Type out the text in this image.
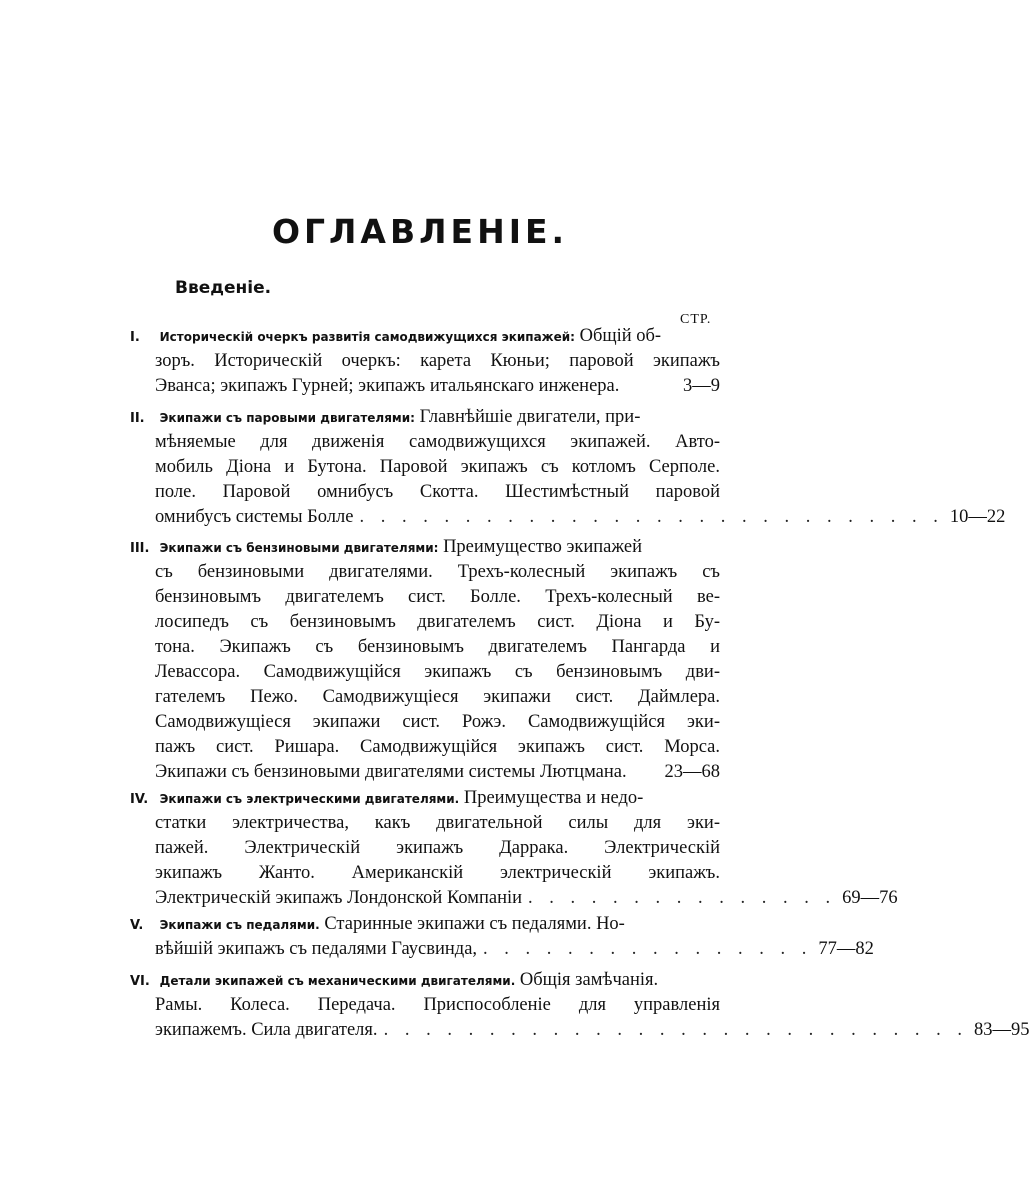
ОГЛАВЛЕНІЕ.
Введеніе.
СТР.
I. Историческій очеркъ развитія самодвижущихся экипажей: Общій об-
зоръ. Историческій очеркъ: карета Кюньи; паровой экипажъ
Эванса; экипажъ Гурней; экипажъ итальянскаго инженера.	3—9
II. Экипажи съ паровыми двигателями: Главнѣйшіе двигатели, при-
мѣняемые для движенія самодвижущихся экипажей. Авто-
мобиль Діона и Бутона. Паровой экипажъ съ котломъ Серполе.
поле. Паровой омнибусъ Скотта. Шестимѣстный паровой
омнибусъ системы Болле . . . . . . . . . . . . . . . . . . . . . . . . . . . . 10—22
III. Экипажи съ бензиновыми двигателями: Преимущество экипажей
съ бензиновыми двигателями. Трехъ-колесный экипажъ съ
бензиновымъ двигателемъ сист. Болле. Трехъ-колесный ве-
лосипедъ съ бензиновымъ двигателемъ сист. Діона и Бу-
тона. Экипажъ съ бензиновымъ двигателемъ Пангарда и
Левассора. Самодвижущійся экипажъ съ бензиновымъ дви-
гателемъ Пежо. Самодвижущіеся экипажи сист. Даймлера.
Самодвижущіеся экипажи сист. Рожэ. Самодвижущійся эки-
пажъ сист. Ришара. Самодвижущійся экипажъ сист. Морса.
Экипажи съ бензиновыми двигателями системы Лютцмана. 23—68
IV. Экипажи съ электрическими двигателями. Преимущества и недо-
статки электричества, какъ двигательной силы для эки-
пажей. Электрическій экипажъ Даррака. Электрическій
экипажъ Жанто. Американскій электрическій экипажъ.
Электрическій экипажъ Лондонской Компаніи . . . . . . . . . . . . . . . 69—76
V. Экипажи съ педалями. Старинные экипажи съ педалями. Но-
вѣйшій экипажъ съ педалями Гаусвинда, . . . . . . . . . . . . . . . . 77—82
VI. Детали экипажей съ механическими двигателями. Общія замѣчанія.
Рамы. Колеса. Передача. Приспособленіе для управленія
экипажемъ. Сила двигателя. . . . . . . . . . . . . . . . . . . . . . . . . . . . . 83—95
